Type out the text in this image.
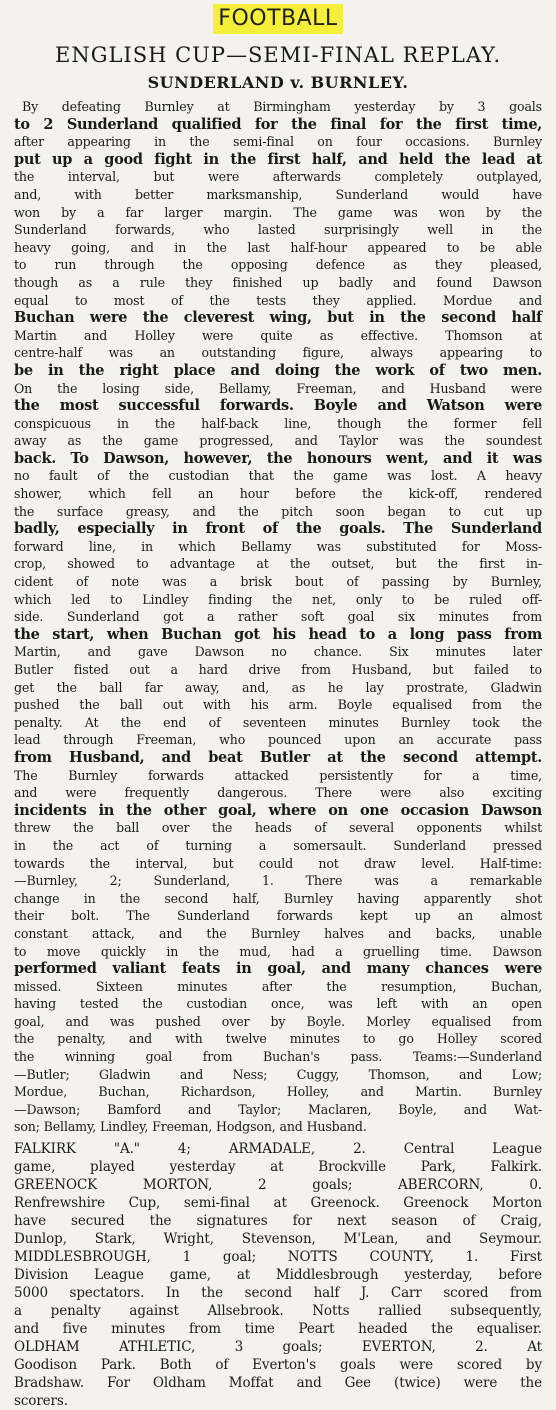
FOOTBALL
ENGLISH CUP—SEMI-FINAL REPLAY.
SUNDERLAND v. BURNLEY.
By defeating Burnley at Birmingham yesterday by 3 goals
to 2 Sunderland qualified for the final for the first time,
after appearing in the semi-final on four occasions. Burnley
put up a good fight in the first half, and held the lead at
the interval, but were afterwards completely outplayed,
and, with better marksmanship, Sunderland would have
won by a far larger margin. The game was won by the
Sunderland forwards, who lasted surprisingly well in the
heavy going, and in the last half-hour appeared to be able
to run through the opposing defence as they pleased,
though as a rule they finished up badly and found Dawson
equal to most of the tests they applied. Mordue and
Buchan were the cleverest wing, but in the second half
Martin and Holley were quite as effective. Thomson at
centre-half was an outstanding figure, always appearing to
be in the right place and doing the work of two men.
On the losing side, Bellamy, Freeman, and Husband were
the most successful forwards. Boyle and Watson were
conspicuous in the half-back line, though the former fell
away as the game progressed, and Taylor was the soundest
back. To Dawson, however, the honours went, and it was
no fault of the custodian that the game was lost. A heavy
shower, which fell an hour before the kick-off, rendered
the surface greasy, and the pitch soon began to cut up
badly, especially in front of the goals. The Sunderland
forward line, in which Bellamy was substituted for Moss-
crop, showed to advantage at the outset, but the first in-
cident of note was a brisk bout of passing by Burnley,
which led to Lindley finding the net, only to be ruled off-
side. Sunderland got a rather soft goal six minutes from
the start, when Buchan got his head to a long pass from
Martin, and gave Dawson no chance. Six minutes later
Butler fisted out a hard drive from Husband, but failed to
get the ball far away, and, as he lay prostrate, Gladwin
pushed the ball out with his arm. Boyle equalised from the
penalty. At the end of seventeen minutes Burnley took the
lead through Freeman, who pounced upon an accurate pass
from Husband, and beat Butler at the second attempt.
The Burnley forwards attacked persistently for a time,
and were frequently dangerous. There were also exciting
incidents in the other goal, where on one occasion Dawson
threw the ball over the heads of several opponents whilst
in the act of turning a somersault. Sunderland pressed
towards the interval, but could not draw level. Half-time:
—Burnley, 2; Sunderland, 1. There was a remarkable
change in the second half, Burnley having apparently shot
their bolt. The Sunderland forwards kept up an almost
constant attack, and the Burnley halves and backs, unable
to move quickly in the mud, had a gruelling time. Dawson
performed valiant feats in goal, and many chances were
missed. Sixteen minutes after the resumption, Buchan,
having tested the custodian once, was left with an open
goal, and was pushed over by Boyle. Morley equalised from
the penalty, and with twelve minutes to go Holley scored
the winning goal from Buchan's pass. Teams:—Sunderland
—Butler; Gladwin and Ness; Cuggy, Thomson, and Low;
Mordue, Buchan, Richardson, Holley, and Martin. Burnley
—Dawson; Bamford and Taylor; Maclaren, Boyle, and Wat-
son; Bellamy, Lindley, Freeman, Hodgson, and Husband.
FALKIRK "A." 4; ARMADALE, 2. Central League
game, played yesterday at Brockville Park, Falkirk.
GREENOCK MORTON, 2 goals; ABERCORN, 0.
Renfrewshire Cup, semi-final at Greenock. Greenock Morton
have secured the signatures for next season of Craig,
Dunlop, Stark, Wright, Stevenson, M'Lean, and Seymour.
MIDDLESBROUGH, 1 goal; NOTTS COUNTY, 1. First
Division League game, at Middlesbrough yesterday, before
5000 spectators. In the second half J. Carr scored from
a penalty against Allsebrook. Notts rallied subsequently,
and five minutes from time Peart headed the equaliser.
OLDHAM ATHLETIC, 3 goals; EVERTON, 2. At
Goodison Park. Both of Everton's goals were scored by
Bradshaw. For Oldham Moffat and Gee (twice) were the
scorers.
